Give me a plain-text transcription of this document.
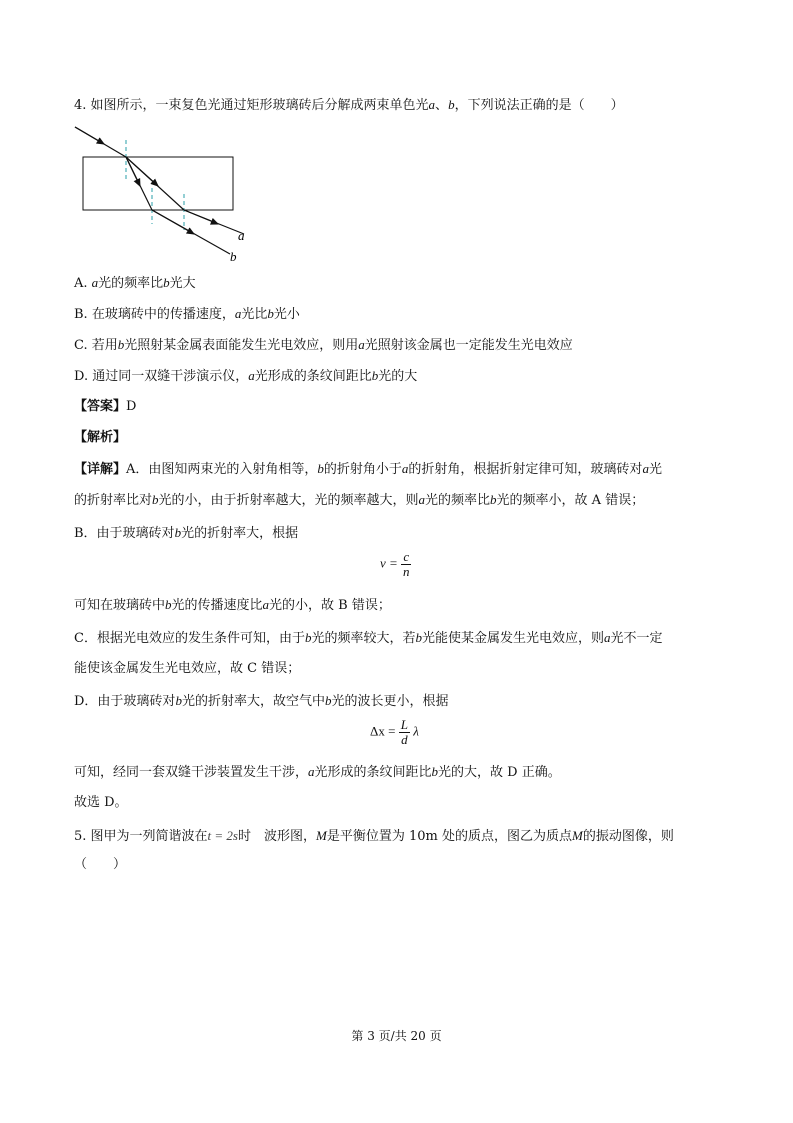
4. 如图所示，一束复色光通过矩形玻璃砖后分解成两束单色光a、b，下列说法正确的是（　　）
a
b
A. a光的频率比b光大
B. 在玻璃砖中的传播速度，a光比b光小
C. 若用b光照射某金属表面能发生光电效应，则用a光照射该金属也一定能发生光电效应
D. 通过同一双缝干涉演示仪，a光形成的条纹间距比b光的大
【答案】D
【解析】
【详解】A．由图知两束光的入射角相等，b的折射角小于a的折射角，根据折射定律可知，玻璃砖对a光
的折射率比对b光的小，由于折射率越大，光的频率越大，则a光的频率比b光的频率小，故 A 错误；
B．由于玻璃砖对b光的折射率大，根据
$v = \frac{c}{n}$
可知在玻璃砖中b光的传播速度比a光的小，故 B 错误；
C．根据光电效应的发生条件可知，由于b光的频率较大，若b光能使某金属发生光电效应，则a光不一定
能使该金属发生光电效应，故 C 错误；
D．由于玻璃砖对b光的折射率大，故空气中b光的波长更小，根据
$\Delta x = \frac{L}{d}$ λ
可知，经同一套双缝干涉装置发生干涉，a光形成的条纹间距比b光的大，故 D 正确。
故选 D。
5. 图甲为一列简谐波在t = 2s时　波形图，M是平衡位置为 10m 处的质点，图乙为质点M的振动图像，则
（　　）
第 3 页/共 20 页
